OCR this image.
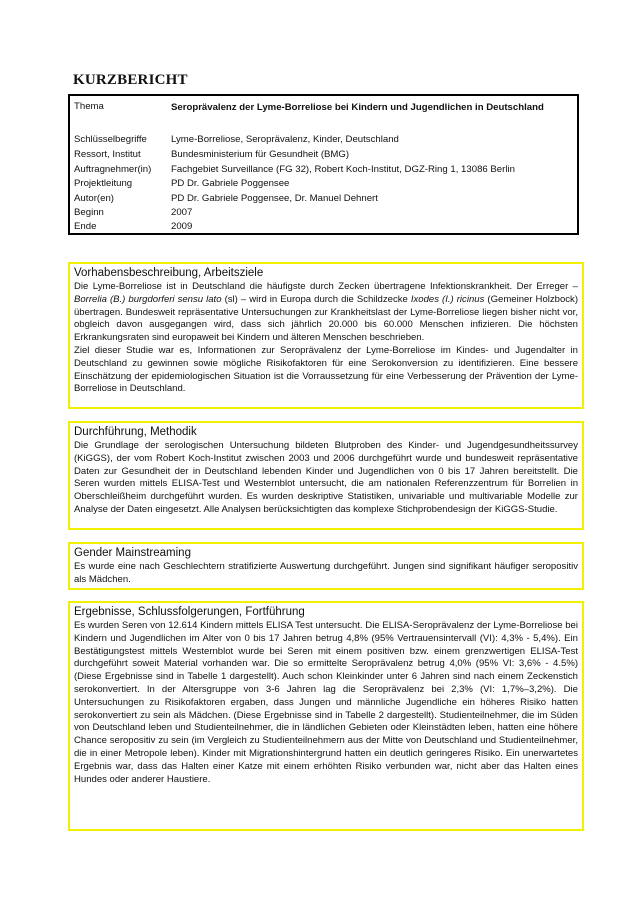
KURZBERICHT
Thema	Seroprävalenz der Lyme-Borreliose bei Kindern und Jugendlichen in Deutschland
Schlüsselbegriffe	Lyme-Borreliose, Seroprävalenz, Kinder, Deutschland
Ressort, Institut	Bundesministerium für Gesundheit (BMG)
Auftragnehmer(in)	Fachgebiet Surveillance (FG 32), Robert Koch-Institut, DGZ-Ring 1, 13086 Berlin
Projektleitung	PD Dr. Gabriele Poggensee
Autor(en)	PD Dr. Gabriele Poggensee, Dr. Manuel Dehnert
Beginn	2007
Ende	2009
Vorhabensbeschreibung, Arbeitsziele

Die Lyme-Borreliose ist in Deutschland die häufigste durch Zecken übertragene Infektionskrankheit. Der Erreger – Borrelia (B.) burgdorferi sensu lato (sl) – wird in Europa durch die Schildzecke Ixodes (I.) ricinus (Gemeiner Holzbock) übertragen. Bundesweit repräsentative Untersuchungen zur Krankheitslast der Lyme-Borreliose liegen bisher nicht vor, obgleich davon ausgegangen wird, dass sich jährlich 20.000 bis 60.000 Menschen infizieren. Die höchsten Erkrankungsraten sind europaweit bei Kindern und älteren Menschen beschrieben.

Ziel dieser Studie war es, Informationen zur Seroprävalenz der Lyme-Borreliose im Kindes- und Jugendalter in Deutschland zu gewinnen sowie mögliche Risikofaktoren für eine Serokonversion zu identifizieren. Eine bessere Einschätzung der epidemiologischen Situation ist die Vorraussetzung für eine Verbesserung der Prävention der Lyme-Borreliose in Deutschland.

Durchführung, Methodik

Die Grundlage der serologischen Untersuchung bildeten Blutproben des Kinder- und Jugendgesundheitssurvey (KiGGS), der vom Robert Koch-Institut zwischen 2003 und 2006 durchgeführt wurde und bundesweit repräsentative Daten zur Gesundheit der in Deutschland lebenden Kinder und Jugendlichen von 0 bis 17 Jahren bereitstellt. Die Seren wurden mittels ELISA-Test und Westernblot untersucht, die am nationalen Referenzzentrum für Borrelien in Oberschleißheim durchgeführt wurden. Es wurden deskriptive Statistiken, univariable und multivariable Modelle zur Analyse der Daten eingesetzt. Alle Analysen berücksichtigten das komplexe Stichprobendesign der KiGGS-Studie.

Gender Mainstreaming

Es wurde eine nach Geschlechtern stratifizierte Auswertung durchgeführt. Jungen sind signifikant häufiger seropositiv als Mädchen.

Ergebnisse, Schlussfolgerungen, Fortführung

Es wurden Seren von 12.614 Kindern mittels ELISA Test untersucht. Die ELISA-Seroprävalenz der Lyme-Borreliose bei Kindern und Jugendlichen im Alter von 0 bis 17 Jahren betrug 4,8% (95% Vertrauensintervall (VI): 4,3% - 5,4%). Ein Bestätigungstest mittels Westernblot wurde bei Seren mit einem positiven bzw. einem grenzwertigen ELISA-Test durchgeführt soweit Material vorhanden war. Die so ermittelte Seroprävalenz betrug 4,0% (95% VI: 3,6% - 4.5%) (Diese Ergebnisse sind in Tabelle 1 dargestellt). Auch schon Kleinkinder unter 6 Jahren sind nach einem Zeckenstich serokonvertiert. In der Altersgruppe von 3-6 Jahren lag die Seroprävalenz bei 2,3% (VI: 1,7%–3,2%). Die Untersuchungen zu Risikofaktoren ergaben, dass Jungen und männliche Jugendliche ein höheres Risiko hatten serokonvertiert zu sein als Mädchen. (Diese Ergebnisse sind in Tabelle 2 dargestellt). Studienteilnehmer, die im Süden von Deutschland leben und Studienteilnehmer, die in ländlichen Gebieten oder Kleinstädten leben, hatten eine höhere Chance seropositiv zu sein (im Vergleich zu Studienteilnehmern aus der Mitte von Deutschland und Studienteilnehmer, die in einer Metropole leben). Kinder mit Migrationshintergrund hatten ein deutlich geringeres Risiko. Ein unerwartetes Ergebnis war, dass das Halten einer Katze mit einem erhöhten Risiko verbunden war, nicht aber das Halten eines Hundes oder anderer Haustiere.
